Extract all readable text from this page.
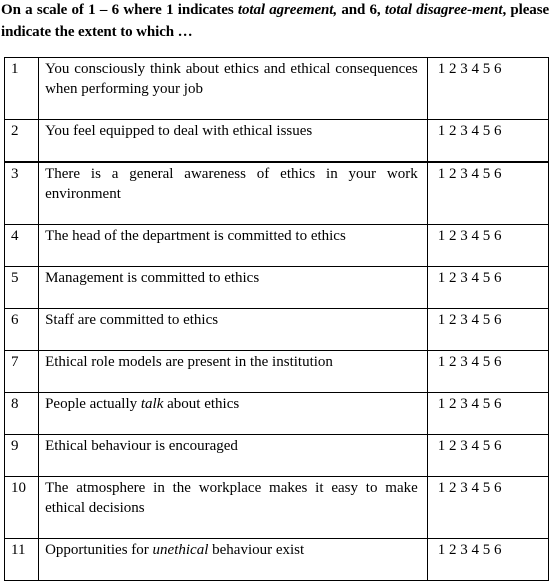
On a scale of 1 – 6 where 1 indicates total agreement, and 6, total disagree-ment, please indicate the extent to which …
1	You consciously think about ethics and ethical consequences when performing your job	1 2 3 4 5 6
2	You feel equipped to deal with ethical issues	1 2 3 4 5 6
3	There is a general awareness of ethics in your work environment	1 2 3 4 5 6
4	The head of the department is committed to ethics	1 2 3 4 5 6
5	Management is committed to ethics	1 2 3 4 5 6
6	Staff are committed to ethics	1 2 3 4 5 6
7	Ethical role models are present in the institution	1 2 3 4 5 6
8	People actually talk about ethics	1 2 3 4 5 6
9	Ethical behaviour is encouraged	1 2 3 4 5 6
10	The atmosphere in the workplace makes it easy to make ethical decisions	1 2 3 4 5 6
11	Opportunities for unethical behaviour exist	1 2 3 4 5 6
